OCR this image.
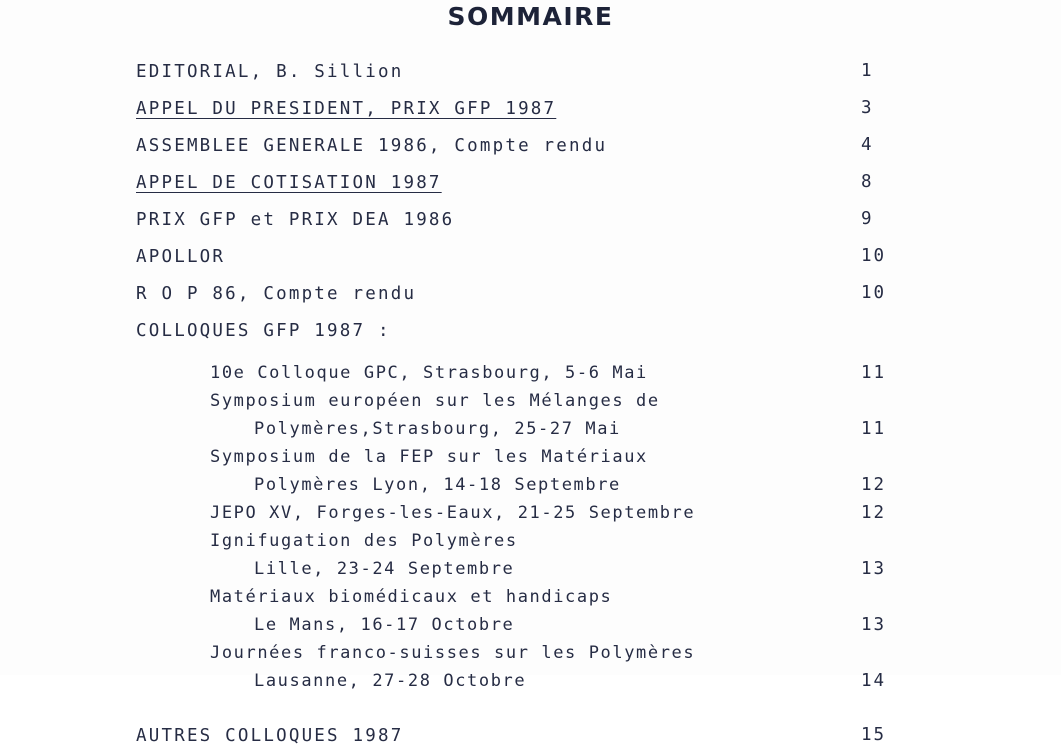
SOMMAIRE
EDITORIAL, B. Sillion	1
APPEL DU PRESIDENT, PRIX GFP 1987	3
ASSEMBLEE GENERALE 1986, Compte rendu	4
APPEL DE COTISATION 1987	8
PRIX GFP et PRIX DEA 1986	9
APOLLOR	10
R O P 86, Compte rendu	10
COLLOQUES GFP 1987 :
10e Colloque GPC, Strasbourg, 5-6 Mai	11
Symposium européen sur les Mélanges de
Polymères,Strasbourg, 25-27 Mai	11
Symposium de la FEP sur les Matériaux
Polymères Lyon, 14-18 Septembre	12
JEPO XV, Forges-les-Eaux, 21-25 Septembre	12
Ignifugation des Polymères
Lille, 23-24 Septembre	13
Matériaux biomédicaux et handicaps
Le Mans, 16-17 Octobre	13
Journées franco-suisses sur les Polymères
Lausanne, 27-28 Octobre	14
AUTRES COLLOQUES 1987	15
